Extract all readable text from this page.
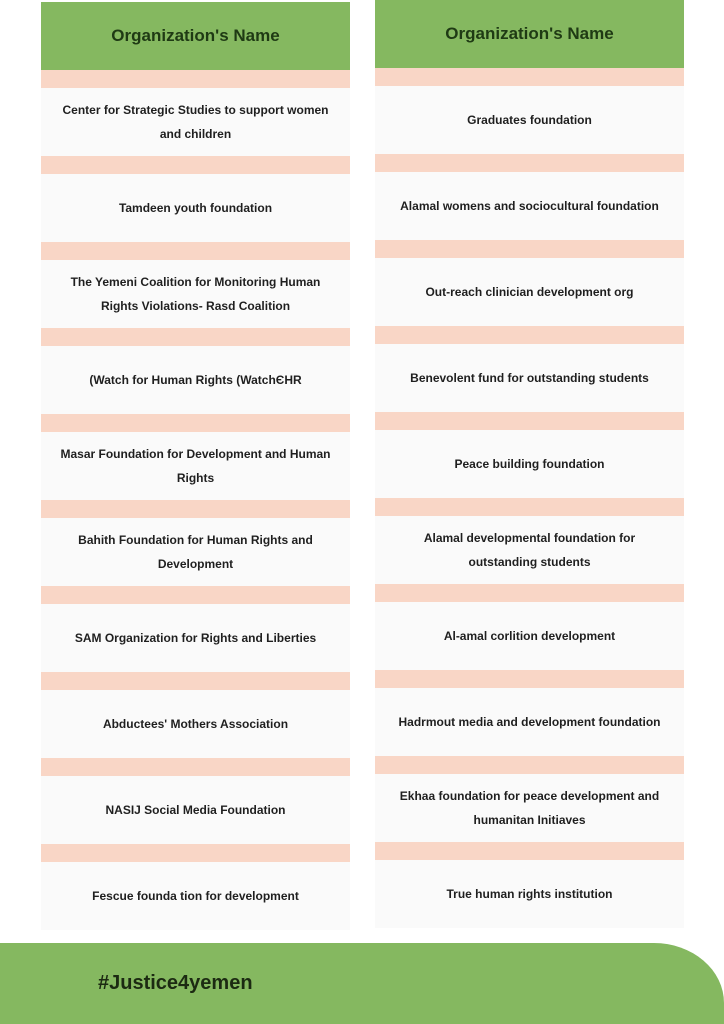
Organization's Name
Center for Strategic Studies to support women and children
Tamdeen youth foundation
The Yemeni Coalition for Monitoring Human Rights Violations- Rasd Coalition
(Watch for Human Rights (WatchЄHR
Masar Foundation for Development and Human Rights
Bahith Foundation for Human Rights and Development
SAM Organization for Rights and Liberties
Abductees' Mothers Association
NASIJ Social Media Foundation
Fescue founda tion for development
Organization's Name
Graduates foundation
Alamal womens and sociocultural foundation
Out-reach clinician development org
Benevolent fund for outstanding students
Peace building foundation
Alamal developmental foundation for outstanding students
Al-amal corlition development
Hadrmout media and development foundation
Ekhaa foundation for peace development and humanitan Initiaves
True human rights institution
#Justice4yemen
